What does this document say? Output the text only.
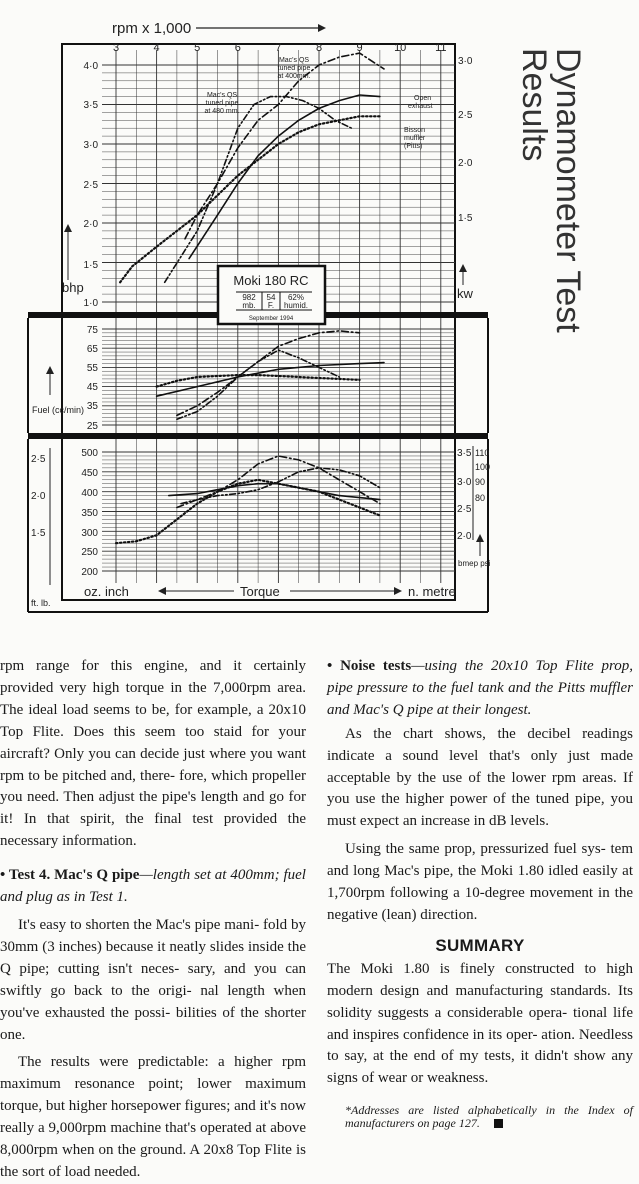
3	4	5	6	7	8	9	10	11
4·0
3·5
3·0
2·5
2·0
1·5
1·0
75
65
55
45
35
25
500
450
400
350
300
250
200
3·0
2·5
2·0
1·5
2·5
2·0
1·5
3·5
3·0
2·5
2·0
110
100
90
80
rpm x 1,000
bhp	kw
Fuel (cc/min)
ft. lb.
bmep psi
oz. inch	Torque	n. metre
Mac's QS
tuned pipe
at 400mm.
Mac's QS
tuned pipe
at 480 mm.
Open
exhaust
Bisson
muffler
(Pitts)
Moki 180 RC
982
mb.
54
F.
62%
humid.
September 1994	Dynamometer Test
Results

rpm range for this engine, and it certainly provided very high torque in the 7,000rpm area. The ideal load seems to be, for example, a 20x10 Top Flite. Does this seem too staid for your aircraft? Only you can decide just where you want rpm to be pitched and, there- fore, which propeller you need. Then adjust the pipe's length and go for it! In that spirit, the final test provided the necessary information.

• Test 4. Mac's Q pipe—length set at 400mm; fuel and plug as in Test 1.

It's easy to shorten the Mac's pipe mani- fold by 30mm (3 inches) because it neatly slides inside the Q pipe; cutting isn't neces- sary, and you can swiftly go back to the origi- nal length when you've exhausted the possi- bilities of the shorter one.

The results were predictable: a higher rpm maximum resonance point; lower maximum torque, but higher horsepower figures; and it's now really a 9,000rpm machine that's operated at above 8,000rpm when on the ground. A 20x8 Top Flite is the sort of load needed.

• Noise tests—using the 20x10 Top Flite prop, pipe pressure to the fuel tank and the Pitts muffler and Mac's Q pipe at their longest.

As the chart shows, the decibel readings indicate a sound level that's only just made acceptable by the use of the lower rpm areas. If you use the higher power of the tuned pipe, you must expect an increase in dB levels.

Using the same prop, pressurized fuel sys- tem and long Mac's pipe, the Moki 1.80 idled easily at 1,700rpm following a 10-degree movement in the negative (lean) direction.

SUMMARY

The Moki 1.80 is finely constructed to high modern design and manufacturing standards. Its solidity suggests a considerable opera- tional life and inspires confidence in its oper- ation. Needless to say, at the end of my tests, it didn't show any signs of wear or weakness.

*Addresses are listed alphabetically in the Index of manufacturers on page 127.
